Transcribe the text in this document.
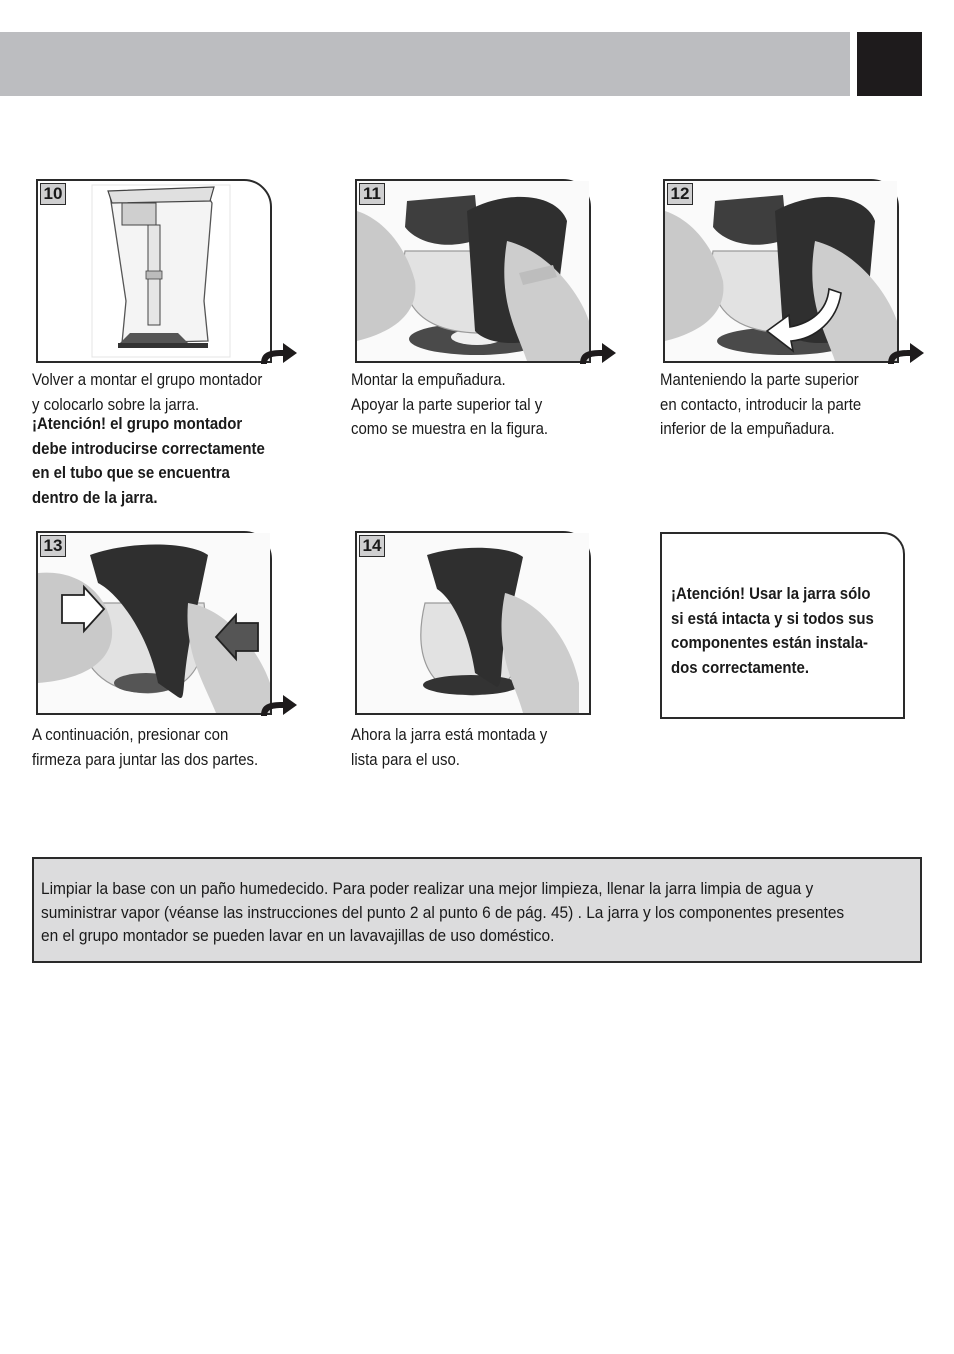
10
Volver a montar el grupo montador
y colocarlo sobre la jarra.
¡Atención! el grupo montador
debe introducirse correctamente
en el tubo que se encuentra
dentro de la jarra.
11
Montar la empuñadura.
Apoyar la parte superior tal y
como se muestra en la figura.
12
Manteniendo la parte superior
en contacto, introducir la parte
inferior de la empuñadura.
13
A continuación, presionar con
firmeza para juntar las dos partes.
14
Ahora la jarra está montada y
lista para el uso.
¡Atención! Usar la jarra sólo
si está intacta y si todos sus
componentes están instala-
dos correctamente.
Limpiar la base con un paño humedecido. Para poder realizar una mejor limpieza, llenar la jarra limpia de agua y
suministrar vapor (véanse las instrucciones del punto 2 al punto 6 de pág. 45) . La jarra y los componentes presentes
en el grupo montador se pueden lavar en un lavavajillas de uso doméstico.
